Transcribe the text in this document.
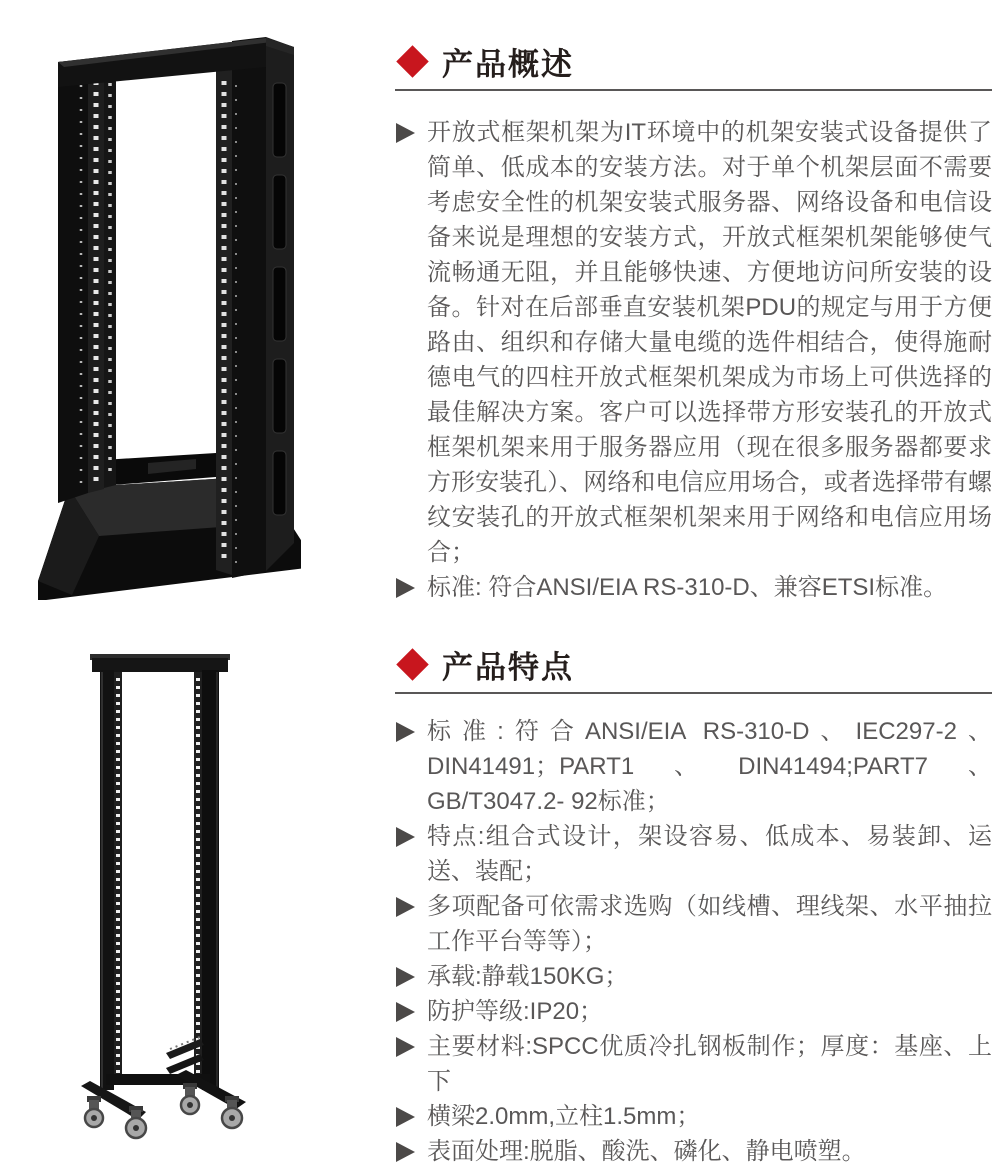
产品概述
开放式框架机架为IT环境中的机架安装式设备提供了简单、低成本的安装方法。对于单个机架层面不需要考虑安全性的机架安装式服务器、网络设备和电信设备来说是理想的安装方式，开放式框架机架能够使气流畅通无阻，并且能够快速、方便地访问所安装的设备。针对在后部垂直安装机架PDU的规定与用于方便路由、组织和存储大量电缆的选件相结合，使得施耐德电气的四柱开放式框架机架成为市场上可供选择的最佳解决方案。客户可以选择带方形安装孔的开放式框架机架来用于服务器应用（现在很多服务器都要求方形安装孔）、网络和电信应用场合，或者选择带有螺纹安装孔的开放式框架机架来用于网络和电信应用场合；
标准: 符合ANSI/EIA RS-310-D、兼容ETSI标准。
产品特点
标准:符合ANSI/EIA RS-310-D、IEC297-2、DIN41491；PART1、DIN41494;PART7、 GB/T3047.2- 92标准；
特点:组合式设计，架设容易、低成本、易装卸、运送、装配；
多项配备可依需求选购（如线槽、理线架、水平抽拉工作平台等等）；
承载:静载150KG；
防护等级:IP20；
主要材料:SPCC优质冷扎钢板制作；厚度：基座、上下
横梁2.0mm,立柱1.5mm；
表面处理:脱脂、酸洗、磷化、静电喷塑。
